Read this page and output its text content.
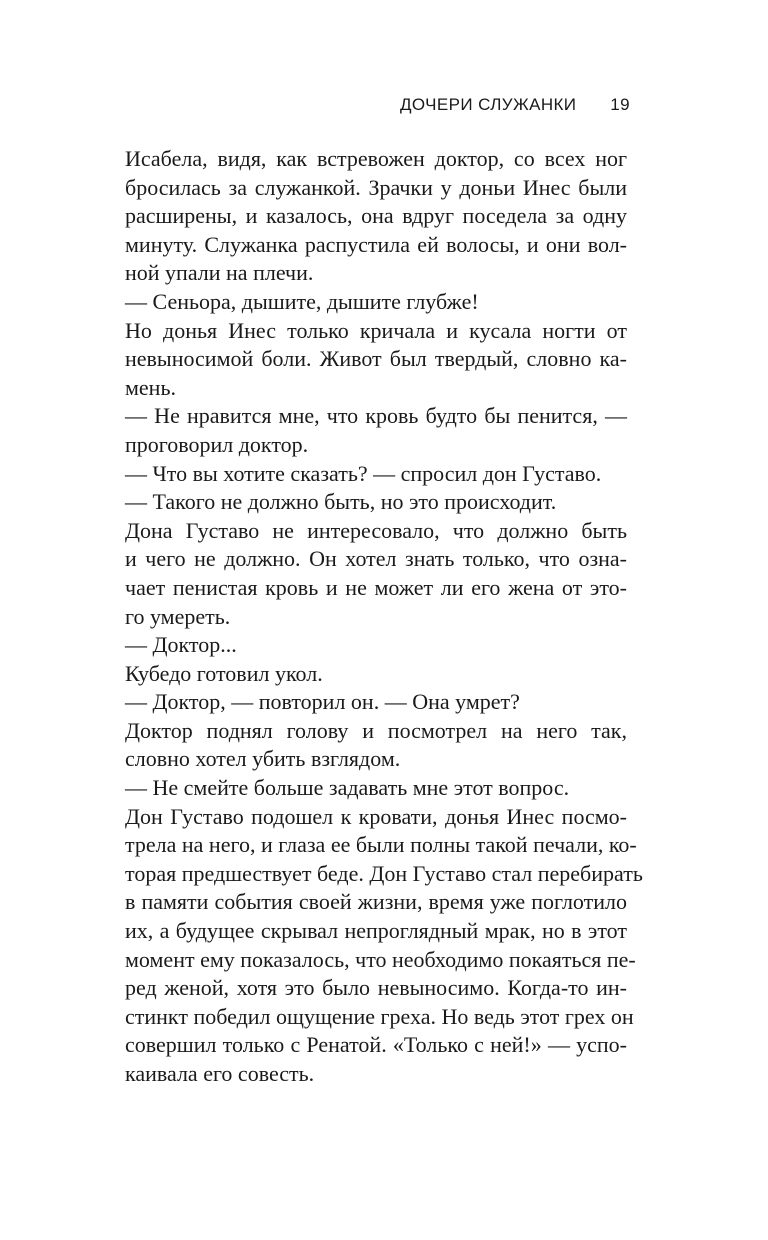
ДОЧЕРИ СЛУЖАНКИ 19

Исабела, видя, как встревожен доктор, со всех ног
бросилась за служанкой. Зрачки у доньи Инес были
расширены, и казалось, она вдруг поседела за одну
минуту. Служанка распустила ей волосы, и они вол-
ной упали на плечи.

— Сеньора, дышите, дышите глубже!

Но донья Инес только кричала и кусала ногти от
невыносимой боли. Живот был твердый, словно ка-
мень.

— Не нравится мне, что кровь будто бы пенится, —
проговорил доктор.

— Что вы хотите сказать? — спросил дон Густаво.

— Такого не должно быть, но это происходит.

Дона Густаво не интересовало, что должно быть
и чего не должно. Он хотел знать только, что озна-
чает пенистая кровь и не может ли его жена от это-
го умереть.

— Доктор...

Кубедо готовил укол.

— Доктор, — повторил он. — Она умрет?

Доктор поднял голову и посмотрел на него так,
словно хотел убить взглядом.

— Не смейте больше задавать мне этот вопрос.

Дон Густаво подошел к кровати, донья Инес посмо-
трела на него, и глаза ее были полны такой печали, ко-
торая предшествует беде. Дон Густаво стал перебирать
в памяти события своей жизни, время уже поглотило
их, а будущее скрывал непроглядный мрак, но в этот
момент ему показалось, что необходимо покаяться пе-
ред женой, хотя это было невыносимо. Когда-то ин-
стинкт победил ощущение греха. Но ведь этот грех он
совершил только с Ренатой. «Только с ней!» — успо-
каивала его совесть.
